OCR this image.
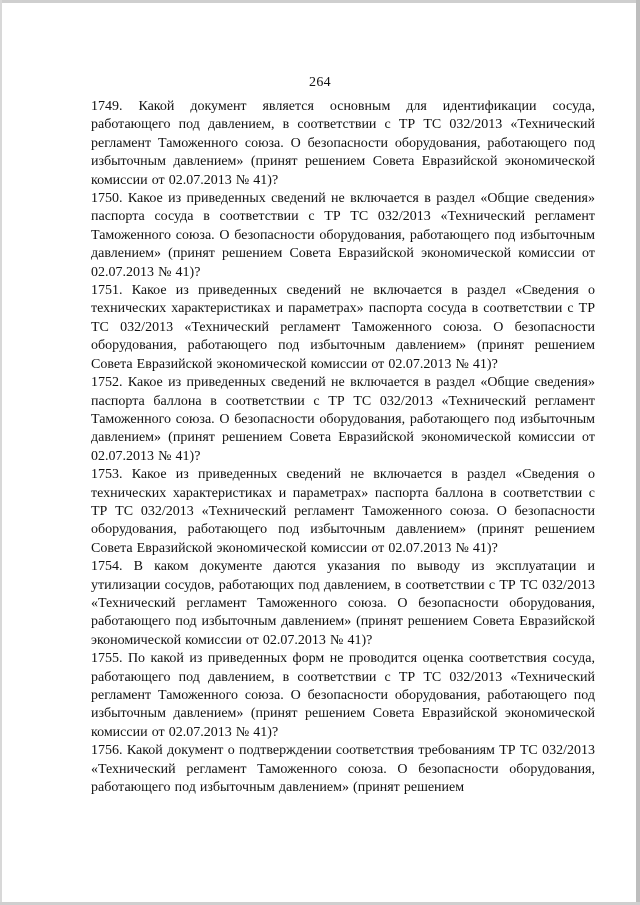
264

1749. Какой документ является основным для идентификации сосуда, работающего под давлением, в соответствии с ТР ТС 032/2013 «Технический регламент Таможенного союза. О безопасности оборудования, работающего под избыточным давлением» (принят решением Совета Евразийской экономической комиссии от 02.07.2013 № 41)?

1750. Какое из приведенных сведений не включается в раздел «Общие сведения» паспорта сосуда в соответствии с ТР ТС 032/2013 «Технический регламент Таможенного союза. О безопасности оборудования, работающего под избыточным давлением» (принят решением Совета Евразийской экономической комиссии от 02.07.2013 № 41)?

1751. Какое из приведенных сведений не включается в раздел «Сведения о технических характеристиках и параметрах» паспорта сосуда в соответствии с ТР ТС 032/2013 «Технический регламент Таможенного союза. О безопасности оборудования, работающего под избыточным давлением» (принят решением Совета Евразийской экономической комиссии от 02.07.2013 № 41)?

1752. Какое из приведенных сведений не включается в раздел «Общие сведения» паспорта баллона в соответствии с ТР ТС 032/2013 «Технический регламент Таможенного союза. О безопасности оборудования, работающего под избыточным давлением» (принят решением Совета Евразийской экономической комиссии от 02.07.2013 № 41)?

1753. Какое из приведенных сведений не включается в раздел «Сведения о технических характеристиках и параметрах» паспорта баллона в соответствии с ТР ТС 032/2013 «Технический регламент Таможенного союза. О безопасности оборудования, работающего под избыточным давлением» (принят решением Совета Евразийской экономической комиссии от 02.07.2013 № 41)?

1754. В каком документе даются указания по выводу из эксплуатации и утилизации сосудов, работающих под давлением, в соответствии с ТР ТС 032/2013 «Технический регламент Таможенного союза. О безопасности оборудования, работающего под избыточным давлением» (принят решением Совета Евразийской экономической комиссии от 02.07.2013 № 41)?

1755. По какой из приведенных форм не проводится оценка соответствия сосуда, работающего под давлением, в соответствии с ТР ТС 032/2013 «Технический регламент Таможенного союза. О безопасности оборудования, работающего под избыточным давлением» (принят решением Совета Евразийской экономической комиссии от 02.07.2013 № 41)?

1756. Какой документ о подтверждении соответствия требованиям ТР ТС 032/2013 «Технический регламент Таможенного союза. О безопасности оборудования, работающего под избыточным давлением» (принят решением
